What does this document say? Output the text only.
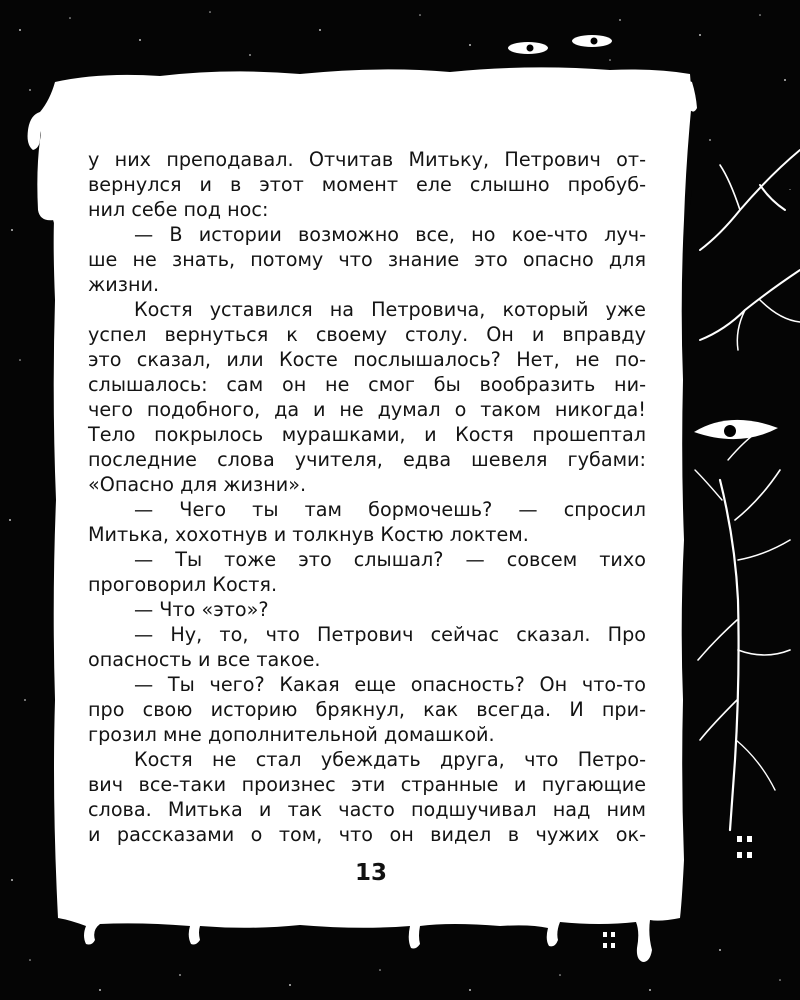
у них преподавал. Отчитав Митьку, Петрович от-
вернулся и в этот момент еле слышно пробуб-
нил себе под нос:
— В истории возможно все, но кое-что луч-
ше не знать, потому что знание это опасно для
жизни.
Костя уставился на Петровича, который уже
успел вернуться к своему столу. Он и вправду
это сказал, или Косте послышалось? Нет, не по-
слышалось: сам он не смог бы вообразить ни-
чего подобного, да и не думал о таком никогда!
Тело покрылось мурашками, и Костя прошептал
последние слова учителя, едва шевеля губами:
«Опасно для жизни».
— Чего ты там бормочешь? — спросил
Митька, хохотнув и толкнув Костю локтем.
— Ты тоже это слышал? — совсем тихо
проговорил Костя.
— Что «это»?
— Ну, то, что Петрович сейчас сказал. Про
опасность и все такое.
— Ты чего? Какая еще опасность? Он что-то
про свою историю брякнул, как всегда. И при-
грозил мне дополнительной домашкой.
Костя не стал убеждать друга, что Петро-
вич все-таки произнес эти странные и пугающие
слова. Митька и так часто подшучивал над ним
и рассказами о том, что он видел в чужих ок-
13
